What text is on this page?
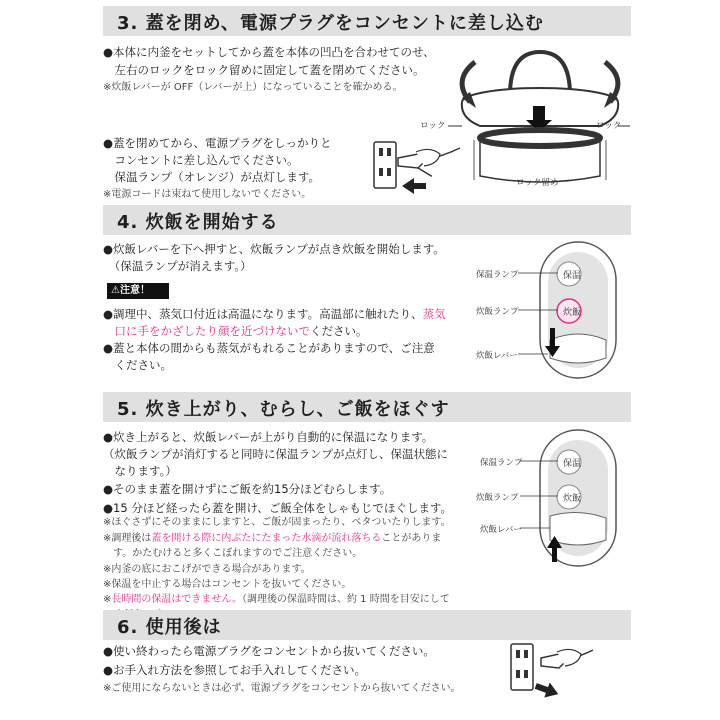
3. 蓋を閉め、電源プラグをコンセントに差し込む
●本体に内釜をセットしてから蓋を本体の凹凸を合わせてのせ、
　左右のロックをロック留めに固定して蓋を閉めてください。
※炊飯レバーが OFF（レバーが上）になっていることを確かめる。
●蓋を閉めてから、電源プラグをしっかりと
　コンセントに差し込んでください。
　保温ランプ（オレンジ）が点灯します。
※電源コードは束ねて使用しないでください。
ロック	ロック
ロック留め
4. 炊飯を開始する
●炊飯レバーを下へ押すと、炊飯ランプが点き炊飯を開始します。
　（保温ランプが消えます。）
⚠注意！
●調理中、蒸気口付近は高温になります。高温部に触れたり、蒸気
　口に手をかざしたり顔を近づけないでください。
●蓋と本体の間からも蒸気がもれることがありますので、ご注意
　ください。
保温
炊飯
保温ランプ
炊飯ランプ
炊飯レバー
5. 炊き上がり、むらし、ご飯をほぐす
●炊き上がると、炊飯レバーが上がり自動的に保温になります。
（炊飯ランプが消灯すると同時に保温ランプが点灯し、保温状態に
　なります。）
●そのまま蓋を開けずにご飯を約15分ほどむらします。
●15 分ほど経ったら蓋を開け、ご飯全体をしゃもじでほぐします。
※ほぐさずにそのままにしますと、ご飯が固まったり、ベタついたりします。
※調理後は蓋を開ける際に内ぶたにたまった水滴が流れ落ちることがありま
　す。かたむけると多くこぼれますのでご注意ください。
※内釜の底におこげができる場合があります。
※保温を中止する場合はコンセントを抜いてください。
※長時間の保温はできません。（調理後の保温時間は、約 1 時間を目安にして
保温
炊飯
保温ランプ
炊飯ランプ
炊飯レバー
6. 使用後は
●使い終わったら電源プラグをコンセントから抜いてください。
●お手入れ方法を参照してお手入れしてください。
※ご使用にならないときは必ず、電源プラグをコンセントから抜いてください。
